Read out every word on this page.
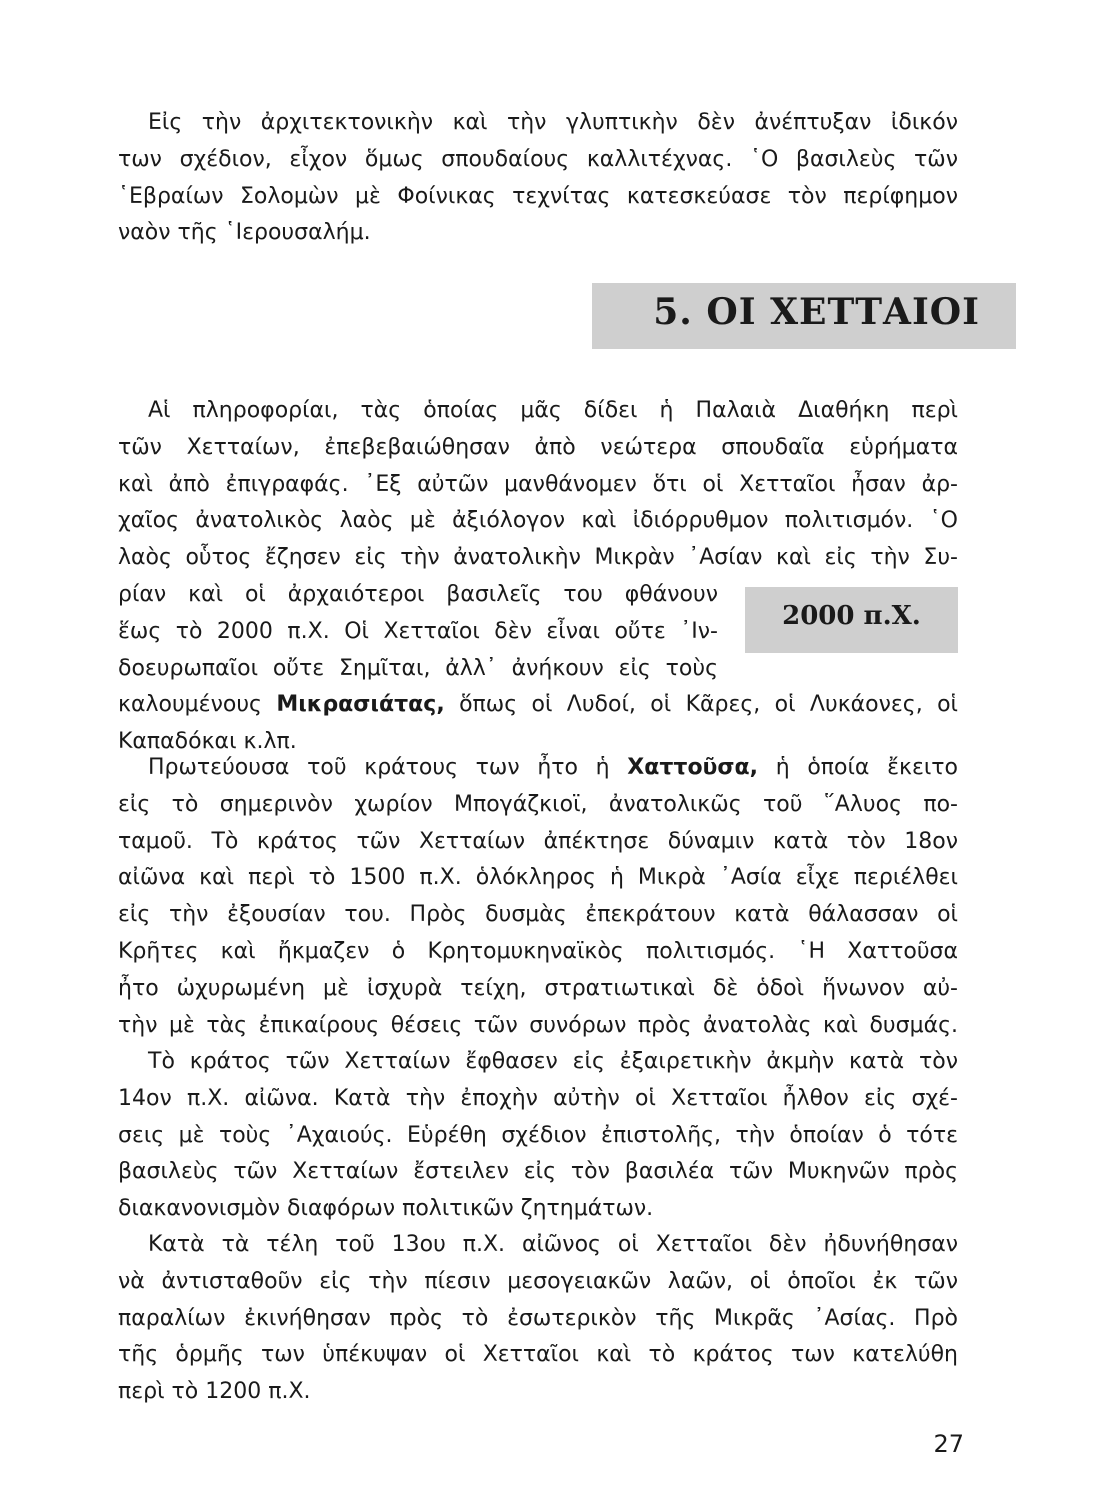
Εἰς τὴν ἀρχιτεκτονικὴν καὶ τὴν γλυπτικὴν δὲν ἀνέπτυξαν ἰδικόν
των σχέδιον, εἶχον ὅμως σπουδαίους καλλιτέχνας. ῾Ο βασιλεὺς τῶν
῾Εβραίων Σολομὼν μὲ Φοίνικας τεχνίτας κατεσκεύασε τὸν περίφημον
ναὸν τῆς ῾Ιερουσαλήμ.

5. ΟΙ ΧΕΤΤΑΙΟΙ

Αἱ πληροφορίαι, τὰς ὁποίας μᾶς δίδει ἡ Παλαιὰ Διαθήκη περὶ
τῶν Χετταίων, ἐπεβεβαιώθησαν ἀπὸ νεώτερα σπουδαῖα εὑρήματα
καὶ ἀπὸ ἐπιγραφάς. ᾿Εξ αὐτῶν μανθάνομεν ὅτι οἱ Χετταῖοι ἦσαν ἀρ-
χαῖος ἀνατολικὸς λαὸς μὲ ἀξιόλογον καὶ ἰδιόρρυθμον πολιτισμόν. ῾Ο
λαὸς οὗτος ἔζησεν εἰς τὴν ἀνατολικὴν Μικρὰν ᾿Ασίαν καὶ εἰς τὴν Συ-
ρίαν καὶ οἱ ἀρχαιότεροι βασιλεῖς του φθάνουν
ἕως τὸ 2000 π.Χ. Οἱ Χετταῖοι δὲν εἶναι οὔτε ᾿Ιν-
δοευρωπαῖοι οὔτε Σημῖται, ἀλλ᾿ ἀνήκουν εἰς τοὺς
καλουμένους Μικρασιάτας, ὅπως οἱ Λυδοί, οἱ Κᾶρες, οἱ Λυκάονες, οἱ
Καπαδόκαι κ.λπ.

2000 π.Χ.

Πρωτεύουσα τοῦ κράτους των ἦτο ἡ Χαττοῦσα, ἡ ὁποία ἔκειτο
εἰς τὸ σημερινὸν χωρίον Μπογάζκιοϊ, ἀνατολικῶς τοῦ ῞Αλυος πο-
ταμοῦ. Τὸ κράτος τῶν Χετταίων ἀπέκτησε δύναμιν κατὰ τὸν 18ον
αἰῶνα καὶ περὶ τὸ 1500 π.Χ. ὁλόκληρος ἡ Μικρὰ ᾿Ασία εἶχε περιέλθει
εἰς τὴν ἐξουσίαν του. Πρὸς δυσμὰς ἐπεκράτουν κατὰ θάλασσαν οἱ
Κρῆτες καὶ ἤκμαζεν ὁ Κρητομυκηναϊκὸς πολιτισμός. ῾Η Χαττοῦσα
ἦτο ὠχυρωμένη μὲ ἰσχυρὰ τείχη, στρατιωτικαὶ δὲ ὁδοὶ ἥνωνον αὐ-
τὴν μὲ τὰς ἐπικαίρους θέσεις τῶν συνόρων πρὸς ἀνατολὰς καὶ δυσμάς.

Τὸ κράτος τῶν Χετταίων ἔφθασεν εἰς ἐξαιρετικὴν ἀκμὴν κατὰ τὸν
14ον π.Χ. αἰῶνα. Κατὰ τὴν ἐποχὴν αὐτὴν οἱ Χετταῖοι ἦλθον εἰς σχέ-
σεις μὲ τοὺς ᾿Αχαιούς. Εὑρέθη σχέδιον ἐπιστολῆς, τὴν ὁποίαν ὁ τότε
βασιλεὺς τῶν Χετταίων ἔστειλεν εἰς τὸν βασιλέα τῶν Μυκηνῶν πρὸς
διακανονισμὸν διαφόρων πολιτικῶν ζητημάτων.

Κατὰ τὰ τέλη τοῦ 13ου π.Χ. αἰῶνος οἱ Χετταῖοι δὲν ἠδυνήθησαν
νὰ ἀντισταθοῦν εἰς τὴν πίεσιν μεσογειακῶν λαῶν, οἱ ὁποῖοι ἐκ τῶν
παραλίων ἐκινήθησαν πρὸς τὸ ἐσωτερικὸν τῆς Μικρᾶς ᾿Ασίας. Πρὸ
τῆς ὁρμῆς των ὑπέκυψαν οἱ Χετταῖοι καὶ τὸ κράτος των κατελύθη
περὶ τὸ 1200 π.Χ.

27
